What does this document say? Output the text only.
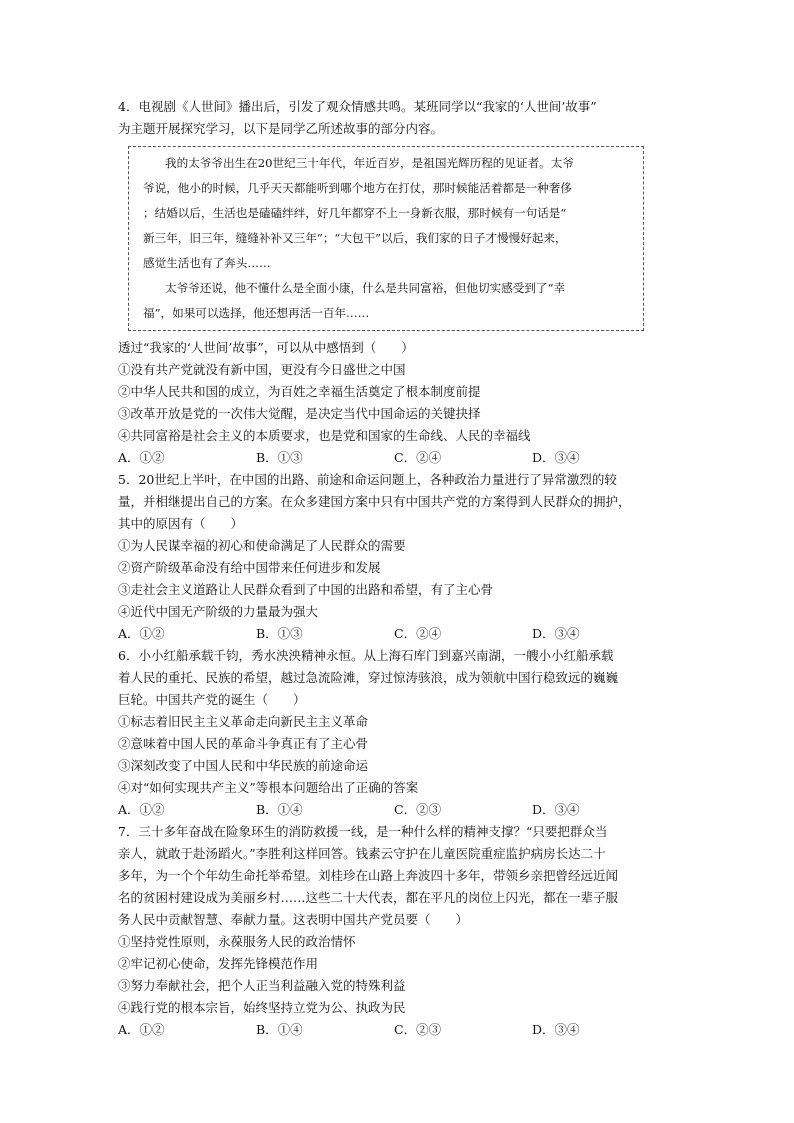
4．电视剧《人世间》播出后，引发了观众情感共鸣。某班同学以“我家的‘人世间’故事”
为主题开展探究学习，以下是同学乙所述故事的部分内容。
我的太爷爷出生在20世纪三十年代，年近百岁，是祖国光辉历程的见证者。太爷
爷说，他小的时候，几乎天天都能听到哪个地方在打仗，那时候能活着都是一种奢侈
；结婚以后，生活也是磕磕绊绊，好几年都穿不上一身新衣服，那时候有一句话是“
新三年，旧三年，缝缝补补又三年”；“大包干”以后，我们家的日子才慢慢好起来，
感觉生活也有了奔头……
太爷爷还说，他不懂什么是全面小康，什么是共同富裕，但他切实感受到了“幸
福”，如果可以选择，他还想再活一百年……
透过“我家的‘人世间’故事”，可以从中感悟到（　　）
①没有共产党就没有新中国，更没有今日盛世之中国
②中华人民共和国的成立，为百姓之幸福生活奠定了根本制度前提
③改革开放是党的一次伟大觉醒，是决定当代中国命运的关键抉择
④共同富裕是社会主义的本质要求，也是党和国家的生命线、人民的幸福线
A．①②	B．①③	C．②④	D．③④
5．20世纪上半叶，在中国的出路、前途和命运问题上，各种政治力量进行了异常激烈的较
量，并相继提出自己的方案。在众多建国方案中只有中国共产党的方案得到人民群众的拥护，
其中的原因有（　　）
①为人民谋幸福的初心和使命满足了人民群众的需要
②资产阶级革命没有给中国带来任何进步和发展
③走社会主义道路让人民群众看到了中国的出路和希望，有了主心骨
④近代中国无产阶级的力量最为强大
A．①②	B．①③	C．②④	D．③④
6．小小红船承载千钧，秀水泱泱精神永恒。从上海石库门到嘉兴南湖，一艘小小红船承载
着人民的重托、民族的希望，越过急流险滩，穿过惊涛骇浪，成为领航中国行稳致远的巍巍
巨轮。中国共产党的诞生（　　）
①标志着旧民主主义革命走向新民主主义革命
②意味着中国人民的革命斗争真正有了主心骨
③深刻改变了中国人民和中华民族的前途命运
④对“如何实现共产主义”等根本问题给出了正确的答案
A．①②	B．①④	C．②③	D．③④
7．三十多年奋战在险象环生的消防救援一线，是一种什么样的精神支撑？“只要把群众当
亲人，就敢于赴汤蹈火。”李胜利这样回答。钱素云守护在儿童医院重症监护病房长达二十
多年，为一个个年幼生命托举希望。刘桂珍在山路上奔波四十多年，带领乡亲把曾经远近闻
名的贫困村建设成为美丽乡村……这些二十大代表，都在平凡的岗位上闪光，都在一辈子服
务人民中贡献智慧、奉献力量。这表明中国共产党员要（　　）
①坚持党性原则，永葆服务人民的政治情怀
②牢记初心使命，发挥先锋模范作用
③努力奉献社会，把个人正当利益融入党的特殊利益
④践行党的根本宗旨，始终坚持立党为公、执政为民
A．①②	B．①④	C．②③	D．③④
